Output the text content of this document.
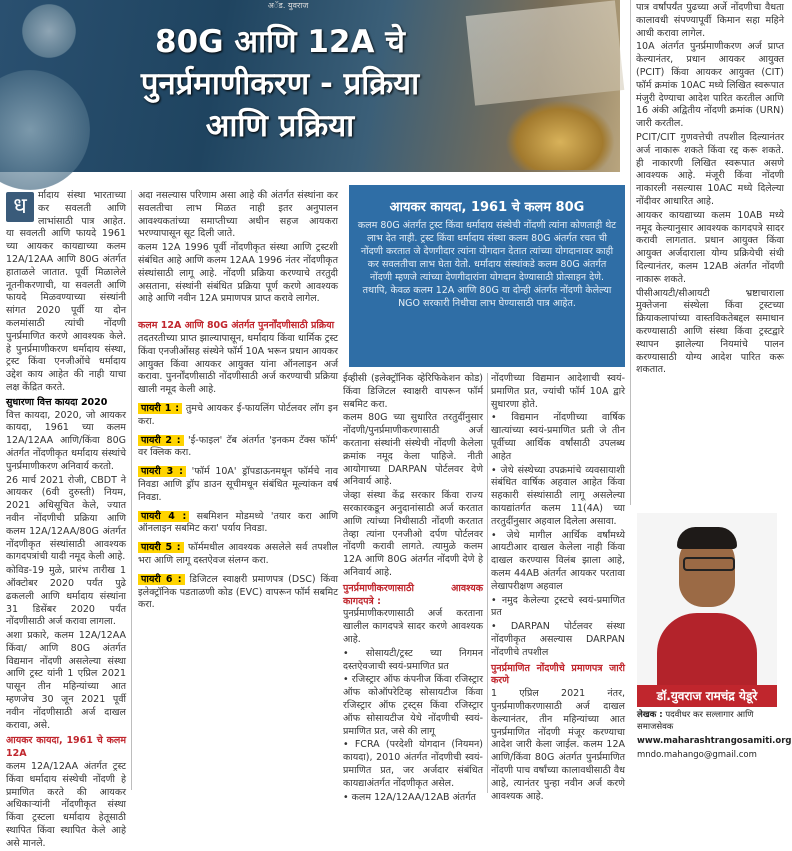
अॅड. युवराज
80G आणि 12A चे
पुनर्प्रमाणीकरण - प्रक्रिया
आणि प्रक्रिया
ध	र्मादाय संस्था भारताच्या कर सवलती आणि लाभांसाठी पात्र आहेत. या सवलती आणि फायदे 1961 च्या आयकर कायद्याच्या कलम 12A/12AA आणि 80G अंतर्गत हाताळले जातात. पूर्वी मिळालेले नूतनीकरणाची, या सवलती आणि फायदे मिळवण्याच्या संस्थांनी सांगत 2020 पूर्वी या दोन कलमांसाठी त्यांची नोंदणी पुनर्प्रमाणित करणे आवश्यक केले. हे पुनर्प्रमाणीकरण धर्मादाय संस्था, ट्रस्ट किंवा एनजीओंचे धर्मादाय उद्देश काय आहेत की नाही याचा लक्ष केंद्रित करते.

सुधारणा वित्त कायदा 2020

वित्त कायदा, 2020, जो आयकर कायदा, 1961 च्या कलम 12A/12AA आणि/किंवा 80G अंतर्गत नोंदणीकृत धर्मादाय संस्थांचे पुनर्प्रमाणीकरण अनिवार्य करतो.

26 मार्च 2021 रोजी, CBDT ने आयकर (6वी दुरुस्ती) नियम, 2021 अधिसूचित केले, ज्यात नवीन नोंदणीची प्रक्रिया आणि कलम 12A/12AA/80G अंतर्गत नोंदणीकृत संस्थांसाठी आवश्यक कागदपत्रांची यादी नमूद केली आहे.

कोविड-19 मुळे, प्रारंभ तारीख 1 ऑक्टोबर 2020 पर्यंत पुढे ढकलली आणि धर्मादाय संस्थांना 31 डिसेंबर 2020 पर्यंत नोंदणीसाठी अर्ज करावा लागला.

अशा प्रकारे, कलम 12A/12AA किंवा/ आणि 80G अंतर्गत विद्यमान नोंदणी असलेल्या संस्था आणि ट्रस्ट यांनी 1 एप्रिल 2021 पासून तीन महिन्यांच्या आत म्हणजेच 30 जून 2021 पूर्वी नवीन नोंदणीसाठी अर्ज दाखल करावा, असे.

आयकर कायदा, 1961 चे कलम 12A

कलम 12A/12AA अंतर्गत ट्रस्ट किंवा धर्मादाय संस्थेची नोंदणी हे प्रमाणित करते की आयकर अधिकाऱ्यांनी नोंदणीकृत संस्था किंवा ट्रस्टला धर्मादाय हेतूसाठी स्थापित किंवा स्थापित केले आहे असे मानले.

अदा नसल्यास परिणाम असा आहे की अंतर्गत संस्थांना कर सवलतीचा लाभ मिळत नाही इतर अनुपालन आवश्यकतांच्या समाप्तीच्या अधीन सहज आयकरा भरण्यापासून सूट दिली जाते.

कलम 12A 1996 पूर्वी नोंदणीकृत संस्था आणि ट्रस्टशी संबंधित आहे आणि कलम 12AA 1996 नंतर नोंदणीकृत संस्थांसाठी लागू आहे. नोंदणी प्रक्रिया करण्याचे तरतुदी असताना, संस्थांनी संबंधित प्रक्रिया पूर्ण करणे आवश्यक आहे आणि नवीन 12A प्रमाणपत्र प्राप्त करावे लागेल.

कलम 12A आणि 80G अंतर्गत पुनर्नोंदणीसाठी प्रक्रिया

तदतरतीच्या प्राप्त झाल्यापासून, धर्मादाय किंवा धार्मिक ट्रस्ट किंवा एनजीओंसह संस्थेने फॉर्म 10A भरून प्रधान आयकर आयुक्त किंवा आयकर आयुक्त यांना ऑनलाइन अर्ज करावा. पुनर्नोंदणीसाठी नोंदणीसाठी अर्ज करण्याची प्रक्रिया खाली नमूद केली आहे.

पायरी 1 : तुमचे आयकर ई-फायलिंग पोर्टलवर लॉग इन करा.
पायरी 2 : 'ई-फाइल' टॅब अंतर्गत 'इनकम टॅक्स फॉर्म' वर क्लिक करा.
पायरी 3 : 'फॉर्म 10A' ड्रॉपडाऊनमधून फॉर्मचे नाव निवडा आणि ड्रॉप डाउन सूचीमधून संबंधित मूल्यांकन वर्ष निवडा.
पायरी 4 : सबमिशन मोडमध्ये 'तयार करा आणि ऑनलाइन सबमिट करा' पर्याय निवडा.
पायरी 5 : फॉर्ममधील आवश्यक असलेले सर्व तपशील भरा आणि लागू दस्तऐवज संलग्न करा.
पायरी 6 : डिजिटल स्वाक्षरी प्रमाणपत्र (DSC) किंवा इलेक्ट्रॉनिक पडताळणी कोड (EVC) वापरून फॉर्म सबमिट करा.
आयकर कायदा, 1961 चे कलम 80G
कलम 80G अंतर्गत ट्रस्ट किंवा धर्मादाय संस्थेची नोंदणी त्यांना कोणताही थेट लाभ देत नाही. ट्रस्ट किंवा धर्मादाय संस्था कलम 80G अंतर्गत रचत ची नोंदणी करतात जे देणगीदार त्यांना योगदान देतात त्यांच्या योगदानावर काही कर सवलतीचा लाभ घेता येतो. धर्मादाय संस्थांकडे कलम 80G अंतर्गत नोंदणी म्हणजे त्यांच्या देणगीदारांना योगदान देण्यासाठी प्रोत्साहन देणे. तथापि, केवळ कलम 12A आणि 80G या दोन्ही अंतर्गत नोंदणी केलेल्या NGO सरकारी निधीचा लाभ घेण्यासाठी पात्र आहेत.

ईव्हीसी (इलेक्ट्रॉनिक व्हेरिफिकेशन कोड) किंवा डिजिटल स्वाक्षरी वापरून फॉर्म सबमिट करा.

कलम 80G च्या सुधारित तरतुदींनुसार नोंदणी/पुनर्प्रमाणीकरणासाठी अर्ज करताना संस्थांनी संस्थेची नोंदणी केलेला क्रमांक नमूद केला पाहिजे. नीती आयोगाच्या DARPAN पोर्टलवर देणे अनिवार्य आहे.

जेव्हा संस्था केंद्र सरकार किंवा राज्य सरकारकडून अनुदानांसाठी अर्ज करतात आणि त्यांच्या निधीसाठी नोंदणी करतात तेव्हा त्यांना एनजीओ दर्पण पोर्टलवर नोंदणी करावी लागते. त्यामुळे कलम 12A आणि 80G अंतर्गत नोंदणी देणे हे अनिवार्य आहे.

पुनर्प्रमाणीकरणासाठी आवश्यक कागदपत्रे :

पुनर्प्रमाणीकरणासाठी अर्ज करताना खालील कागदपत्रे सादर करणे आवश्यक आहे.

• सोसायटी/ट्रस्ट च्या निगमन दस्तऐवजाची स्वयं-प्रमाणित प्रत

• रजिस्ट्रार ऑफ कंपनीज किंवा रजिस्ट्रार ऑफ कोऑपरेटिव्ह सोसायटीज किंवा रजिस्ट्रार ऑफ ट्रस्ट्स किंवा रजिस्ट्रार ऑफ सोसायटीज येथे नोंदणीची स्वयं-प्रमाणित प्रत, जसे की लागू

• FCRA (परदेशी योगदान (नियमन) कायदा), 2010 अंतर्गत नोंदणीची स्वयं-प्रमाणित प्रत, जर अर्जदार संबंधित कायद्याअंतर्गत नोंदणीकृत असेल.

• कलम 12A/12AA/12AB अंतर्गत

नोंदणीच्या विद्यमान आदेशाची स्वयं-प्रमाणित प्रत, ज्यांची फॉर्म 10A द्वारे सुधारणा होते.

• विद्यमान नोंदणीच्या वार्षिक खात्यांच्या स्वयं-प्रमाणित प्रती जे तीन पूर्वीच्या आर्थिक वर्षांसाठी उपलब्ध आहेत

• जेथे संस्थेच्या उपक्रमांचे व्यवसायाशी संबंधित वार्षिक अहवाल आहेत किंवा सहकारी संस्थांसाठी लागू असलेल्या कायद्यांतर्गत कलम 11(4A) च्या तरतुदींनुसार अहवाल दिलेला असावा.

• जेथे मागील आर्थिक वर्षांमध्ये आयटीआर दाखल केलेला नाही किंवा दाखल करण्यास विलंब झाला आहे, कलम 44AB अंतर्गत आयकर परतावा लेखापरीक्षण अहवाल

• नमुद केलेल्या ट्रस्टचे स्वयं-प्रमाणित प्रत

• DARPAN पोर्टलवर संस्था नोंदणीकृत असल्यास DARPAN नोंदणीचे तपशील

पुनर्प्रमाणित नोंदणीचे प्रमाणपत्र जारी करणे

1 एप्रिल 2021 नंतर, पुनर्प्रमाणीकरणासाठी अर्ज दाखल केल्यानंतर, तीन महिन्यांच्या आत पुनर्प्रमाणित नोंदणी मंजूर करण्याचा आदेश जारी केला जाईल. कलम 12A आणि/किंवा 80G अंतर्गत पुनर्प्रमाणित नोंदणी पाच वर्षांच्या कालावधीसाठी वैध आहे, त्यानंतर पुन्हा नवीन अर्ज करणे आवश्यक आहे.

पात्र वर्षांपर्यंत पुढच्या अर्जे नोंदणीचा वैधता कालावधी संपण्यापूर्वी किमान सहा महिने आधी करावा लागेल.

10A अंतर्गत पुनर्प्रमाणीकरण अर्ज प्राप्त केल्यानंतर, प्रधान आयकर आयुक्त (PCIT) किंवा आयकर आयुक्त (CIT) फॉर्म क्रमांक 10AC मध्ये लिखित स्वरूपात मंजुरी देण्याचा आदेश पारित करतील आणि 16 अंकी अद्वितीय नोंदणी क्रमांक (URN) जारी करतील.

PCIT/CIT गुणवत्तेची तपशील दिल्यानंतर अर्ज नाकारू शकते किंवा रद्द करू शकते. ही नाकारणी लिखित स्वरूपात असणे आवश्यक आहे. मंजूरी किंवा नोंदणी नाकारली नसल्यास 10AC मध्ये दिलेल्या नोंदीवर आधारित आहे.

आयकर कायद्याच्या कलम 10AB मध्ये नमूद केल्यानुसार आवश्यक कागदपत्रे सादर करावी लागतात. प्रधान आयुक्त किंवा आयुक्त अर्जदाराला योग्य प्रक्रियेची संधी दिल्यानंतर, कलम 12AB अंतर्गत नोंदणी नाकारू शकते.

पीसीआयटी/सीआयटी भ्रष्टाचाराला मुक्तेजना संस्थेला किंवा ट्रस्टच्या क्रियाकलापांच्या वास्तविकतेबद्दल समाधान करण्यासाठी आणि संस्था किंवा ट्रस्टद्वारे स्थापन झालेल्या नियमांचे पालन करण्यासाठी योग्य आदेश पारित करू शकतात.

डॉ.युवराज रामचंद्र येडूरे
लेखक : पदवीधर कर सल्लागार आणि समाजसेवक
www.maharashtrangosamiti.org
mndo.mahango@gmail.com
